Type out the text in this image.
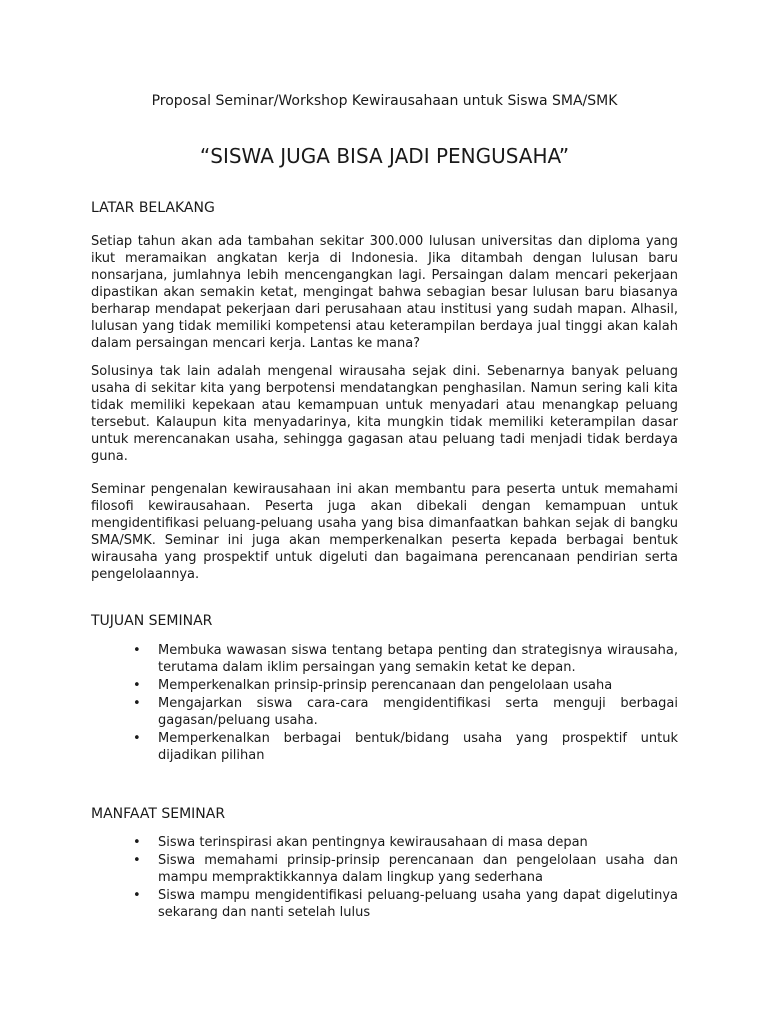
Proposal Seminar/Workshop Kewirausahaan untuk Siswa SMA/SMK
“SISWA JUGA BISA JADI PENGUSAHA”
LATAR BELAKANG

Setiap tahun akan ada tambahan sekitar 300.000 lulusan universitas dan diploma yang ikut meramaikan angkatan kerja di Indonesia. Jika ditambah dengan lulusan baru nonsarjana, jumlahnya lebih mencengangkan lagi. Persaingan dalam mencari pekerjaan dipastikan akan semakin ketat, mengingat bahwa sebagian besar lulusan baru biasanya berharap mendapat pekerjaan dari perusahaan atau institusi yang sudah mapan. Alhasil, lulusan yang tidak memiliki kompetensi atau keterampilan berdaya jual tinggi akan kalah dalam persaingan mencari kerja. Lantas ke mana?

Solusinya tak lain adalah mengenal wirausaha sejak dini. Sebenarnya banyak peluang usaha di sekitar kita yang berpotensi mendatangkan penghasilan. Namun sering kali kita tidak memiliki kepekaan atau kemampuan untuk menyadari atau menangkap peluang tersebut. Kalaupun kita menyadarinya, kita mungkin tidak memiliki keterampilan dasar untuk merencanakan usaha, sehingga gagasan atau peluang tadi menjadi tidak berdaya guna.

Seminar pengenalan kewirausahaan ini akan membantu para peserta untuk memahami filosofi kewirausahaan. Peserta juga akan dibekali dengan kemampuan untuk mengidentifikasi peluang-peluang usaha yang bisa dimanfaatkan bahkan sejak di bangku SMA/SMK. Seminar ini juga akan memperkenalkan peserta kepada berbagai bentuk wirausaha yang prospektif untuk digeluti dan bagaimana perencanaan pendirian serta pengelolaannya.

TUJUAN SEMINAR
• Membuka wawasan siswa tentang betapa penting dan strategisnya wirausaha, terutama dalam iklim persaingan yang semakin ketat ke depan.
• Memperkenalkan prinsip-prinsip perencanaan dan pengelolaan usaha
• Mengajarkan siswa cara-cara mengidentifikasi serta menguji berbagai gagasan/peluang usaha.
• Memperkenalkan berbagai bentuk/bidang usaha yang prospektif untuk dijadikan pilihan
MANFAAT SEMINAR
• Siswa terinspirasi akan pentingnya kewirausahaan di masa depan
• Siswa memahami prinsip-prinsip perencanaan dan pengelolaan usaha dan mampu mempraktikkannya dalam lingkup yang sederhana
• Siswa mampu mengidentifikasi peluang-peluang usaha yang dapat digelutinya sekarang dan nanti setelah lulus
